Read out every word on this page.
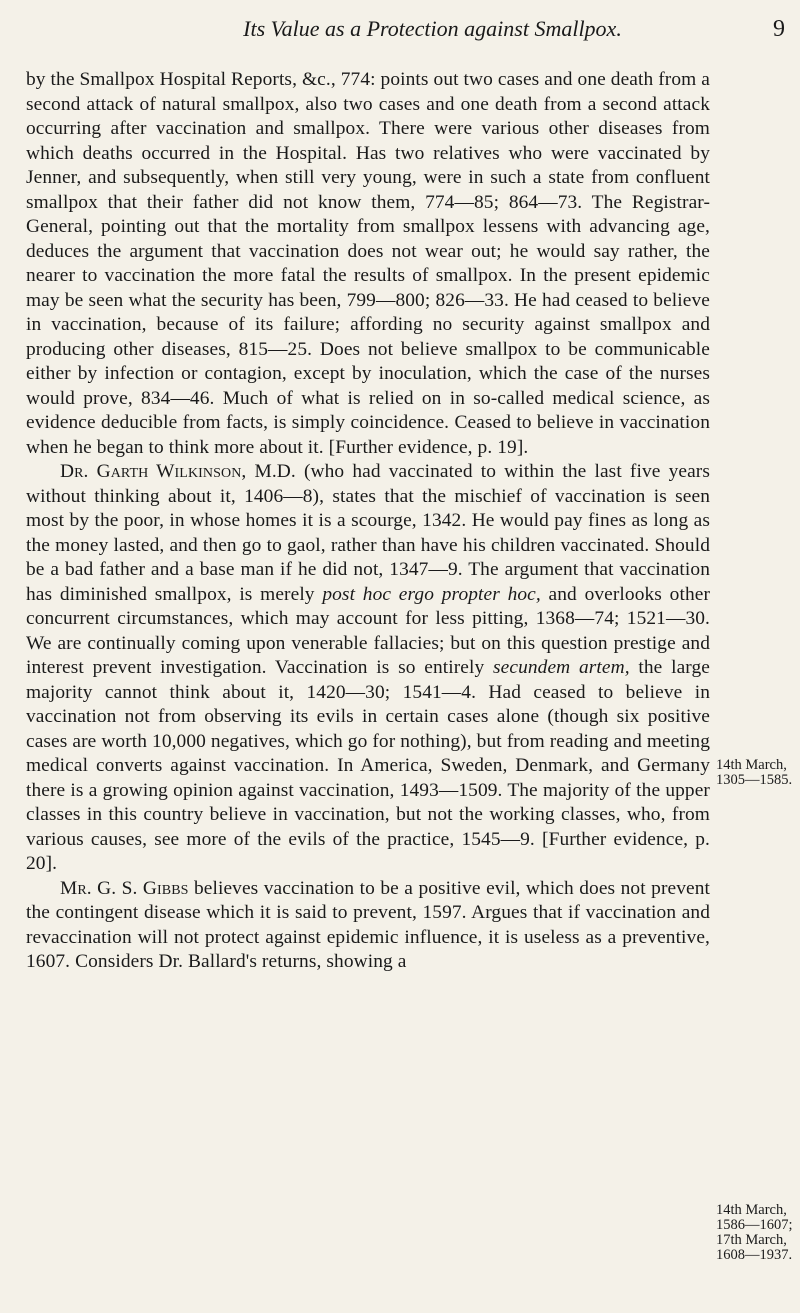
Its Value as a Protection against Smallpox.	9

by the Smallpox Hospital Reports, &c., 774: points out two cases and one death from a second attack of natural smallpox, also two cases and one death from a second attack occurring after vaccination and smallpox. There were various other diseases from which deaths occurred in the Hospital. Has two relatives who were vaccinated by Jenner, and subsequently, when still very young, were in such a state from confluent smallpox that their father did not know them, 774—85; 864—73. The Registrar-General, pointing out that the mortality from smallpox lessens with advancing age, deduces the argument that vaccination does not wear out; he would say rather, the nearer to vaccination the more fatal the results of smallpox. In the present epidemic may be seen what the security has been, 799—800; 826—33. He had ceased to believe in vaccination, because of its failure; affording no security against smallpox and producing other diseases, 815—25. Does not believe smallpox to be communicable either by infection or contagion, except by inoculation, which the case of the nurses would prove, 834—46. Much of what is relied on in so-called medical science, as evidence deducible from facts, is simply coincidence. Ceased to believe in vaccination when he began to think more about it. [Further evidence, p. 19].

Dr. Garth Wilkinson, M.D. (who had vaccinated to within the last five years without thinking about it, 1406—8), states that the mischief of vaccination is seen most by the poor, in whose homes it is a scourge, 1342. He would pay fines as long as the money lasted, and then go to gaol, rather than have his children vaccinated. Should be a bad father and a base man if he did not, 1347—9. The argument that vaccination has diminished smallpox, is merely post hoc ergo propter hoc, and overlooks other concurrent circumstances, which may account for less pitting, 1368—74; 1521—30. We are continually coming upon venerable fallacies; but on this question prestige and interest prevent investigation. Vaccination is so entirely secundem artem, the large majority cannot think about it, 1420—30; 1541—4. Had ceased to believe in vaccination not from observing its evils in certain cases alone (though six positive cases are worth 10,000 negatives, which go for nothing), but from reading and meeting medical converts against vaccination. In America, Sweden, Denmark, and Germany there is a growing opinion against vaccination, 1493—1509. The majority of the upper classes in this country believe in vaccination, but not the working classes, who, from various causes, see more of the evils of the practice, 1545—9. [Further evidence, p. 20].

Mr. G. S. Gibbs believes vaccination to be a positive evil, which does not prevent the contingent disease which it is said to prevent, 1597. Argues that if vaccination and revaccination will not protect against epidemic influence, it is useless as a preventive, 1607. Considers Dr. Ballard's returns, showing a

14th March,
1305—1585.
14th March,
1586—1607;
17th March,
1608—1937.
